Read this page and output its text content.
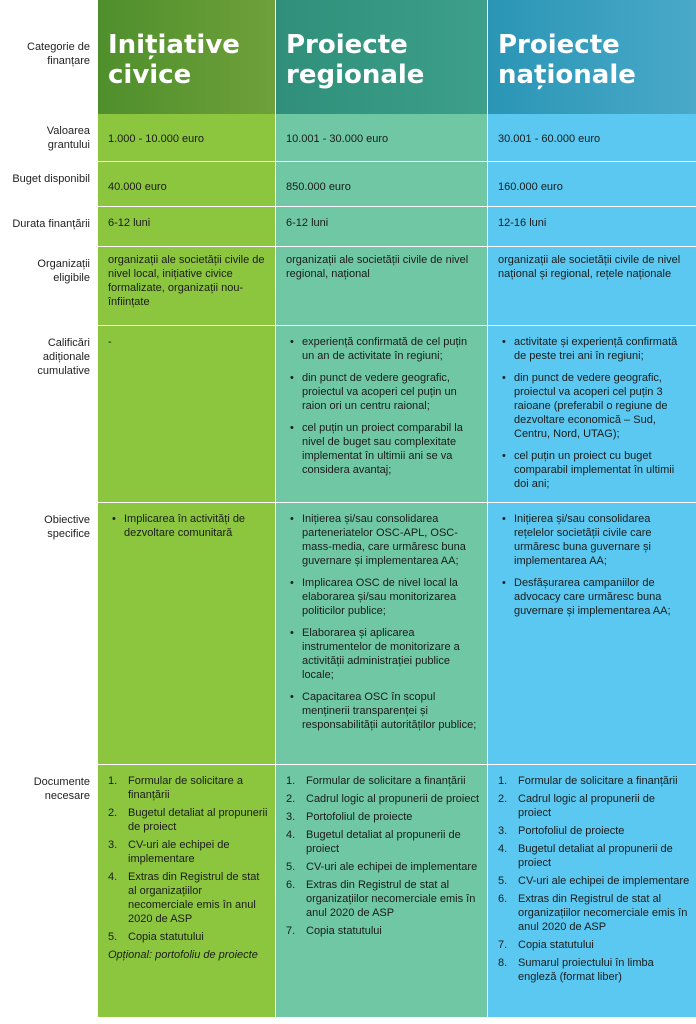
Categorie de finanțare
Inițiative civice
Proiecte regionale
Proiecte naționale
Valoarea grantului	1.000 - 10.000 euro	10.001 - 30.000 euro	30.001 - 60.000 euro
Buget disponibil
40.000 euro	850.000 euro	160.000 euro
Durata finanțării	6-12 luni	6-12 luni	12-16 luni
Organizații eligibile
organizații ale societății civile de nivel local, inițiative civice formalizate, organizații nou-înființate
organizații ale societății civile de nivel regional, național
organizații ale societății civile de nivel național și regional, rețele naționale
Calificări adiționale cumulative
-
•	experiență confirmată de cel puțin un an de activitate în regiuni;
• din punct de vedere geografic, proiectul va acoperi cel puțin un raion ori un centru raional;
• cel puțin un proiect comparabil la nivel de buget sau complexitate implementat în ultimii ani se va considera avantaj;
• activitate și experiență confirmată de peste trei ani în regiuni;
• din punct de vedere geografic, proiectul va acoperi cel puțin 3 raioane (preferabil o regiune de dezvoltare economică – Sud, Centru, Nord, UTAG);
• cel puțin un proiect cu buget comparabil implementat în ultimii doi ani;
Obiective specifice
• Implicarea în activități de dezvoltare comunitară
• Inițierea și/sau consolidarea parteneriatelor OSC-APL, OSC-mass-media, care urmăresc buna guvernare și implementarea AA;
• Implicarea OSC de nivel local la elaborarea și/sau monitorizarea politicilor publice;
• Elaborarea și aplicarea instrumentelor de monitorizare a activității administrației publice locale;
• Capacitarea OSC în scopul menținerii transparenței și responsabilității autorităților publice;
• Inițierea și/sau consolidarea rețelelor societății civile care urmăresc buna guvernare și implementarea AA;
• Desfășurarea campaniilor de advocacy care urmăresc buna guvernare și implementarea AA;
Documente necesare
1. Formular de solicitare a finanțării
2. Bugetul detaliat al propunerii de proiect
3. CV-uri ale echipei de implementare
4. Extras din Registrul de stat al organizațiilor necomerciale emis în anul 2020 de ASP
5. Copia statutului
Opțional: portofoliu de proiecte
1. Formular de solicitare a finanțării
2. Cadrul logic al propunerii de proiect
3. Portofoliul de proiecte
4. Bugetul detaliat al propunerii de proiect
5. CV-uri ale echipei de implementare
6. Extras din Registrul de stat al organizațiilor necomerciale emis în anul 2020 de ASP
7. Copia statutului
1. Formular de solicitare a finanțării
2. Cadrul logic al propunerii de proiect
3. Portofoliul de proiecte
4. Bugetul detaliat al propunerii de proiect
5. CV-uri ale echipei de implementare
6. Extras din Registrul de stat al organizațiilor necomerciale emis în anul 2020 de ASP
7. Copia statutului
8. Sumarul proiectului în limba engleză (format liber)
